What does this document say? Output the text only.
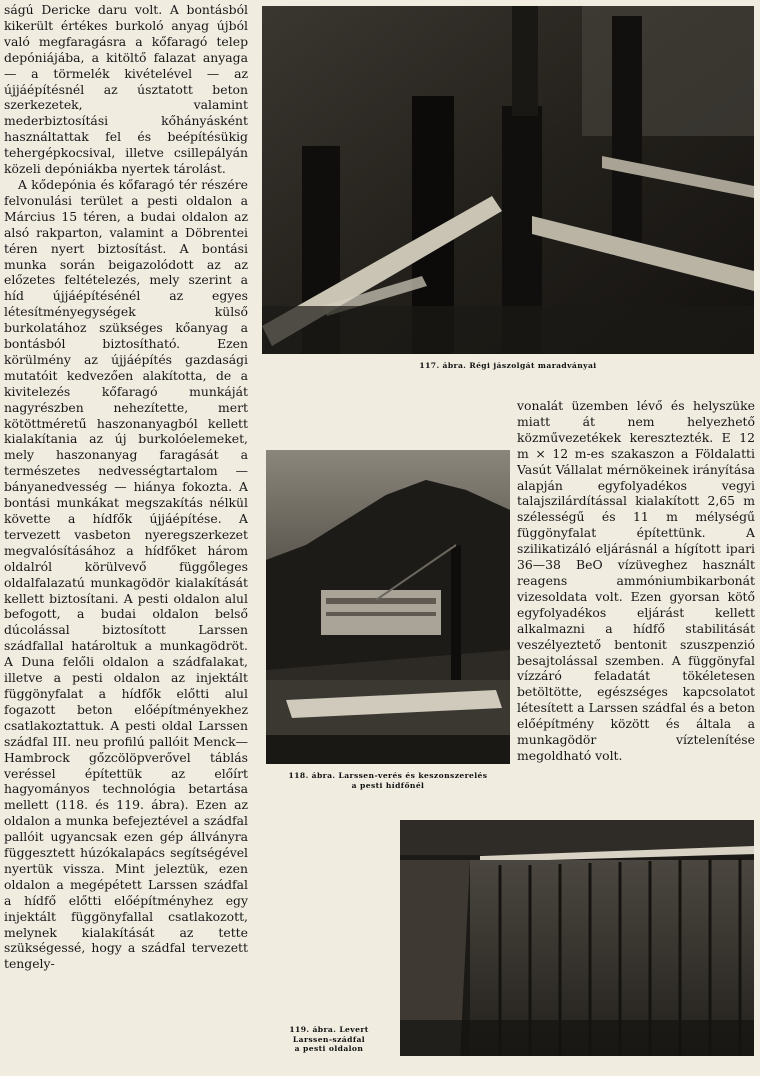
ságú Dericke daru volt. A bontásból kikerült értékes burkoló anyag újból való megfaragásra a kőfaragó telep depóniájába, a kitöltő falazat anyaga — a törmelék kivételével — az újjáépítésnél az úsztatott beton szerkezetek, valamint mederbiztosítási kőhányásként használtattak fel és beépítésükig tehergépkocsival, illetve csillepályán közeli depóniákba nyertek tárolást.

A kődepónia és kőfaragó tér részére felvonulási terület a pesti oldalon a Március 15 téren, a budai oldalon az alsó rakparton, valamint a Döbrentei téren nyert biztosítást. A bontási munka során beigazolódott az az előzetes feltételezés, mely szerint a híd újjáépítésénél az egyes létesítményegységek külső burkolatához szükséges kőanyag a bontásból biztosítható. Ezen körülmény az újjáépítés gazdasági mutatóit kedvezően alakította, de a kivitelezés kőfaragó munkáját nagyrészben nehezítette, mert kötöttméretű haszonanyagból kellett kialakítania az új burkolóelemeket, mely haszonanyag faragását a természetes nedvességtartalom — bányanedvesség — hiánya fokozta. A bontási munkákat megszakítás nélkül követte a hídfők újjáépítése. A tervezett vasbeton nyeregszerkezet megvalósításához a hídfőket három oldalról körülvevő függőleges oldalfalazatú munkagödör kialakítását kellett biztosítani. A pesti oldalon alul befogott, a budai oldalon belső dúcolással biztosított Larssen szádfallal határoltuk a munkagödröt. A Duna felőli oldalon a szádfalakat, illetve a pesti oldalon az injektált függönyfalat a hídfők előtti alul fogazott beton előépítményekhez csatlakoztattuk. A pesti oldal Larssen szádfal III. neu profilú pallóit Menck—Hambrock gőzcölöpverővel táblás veréssel építettük az előírt hagyományos technológia betartása mellett (118. és 119. ábra). Ezen az oldalon a munka befejeztével a szádfal pallóit ugyancsak ezen gép állványra függesztett húzókalapács segítségével nyertük vissza. Mint jeleztük, ezen oldalon a megépétett Larssen szádfal a hídfő előtti előépítményhez egy injektált függönyfallal csatlakozott, melynek kialakítását az tette szükségessé, hogy a szádfal tervezett tengely-

117. ábra. Régi jászolgát maradványai
118. ábra. Larssen-verés és keszonszerelés
a pesti hídfőnél

vonalát üzemben lévő és helyszüke miatt át nem helyezhető közművezetékek keresztezték. E 12 m × 12 m-es szakaszon a Földalatti Vasút Vállalat mérnökeinek irányítása alapján egyfolyadékos vegyi talajszilárdítással kialakított 2,65 m szélességű és 11 m mélységű függönyfalat építettünk. A szilikatizáló eljárásnál a hígított ipari 36—38 BeO vízüveghez használt reagens ammóniumbikarbonát vizesoldata volt. Ezen gyorsan kötő egyfolyadékos eljárást kellett alkalmazni a hídfő stabilitását veszélyeztető bentonit szuszpenzió besajtolással szemben. A függönyfal vízzáró feladatát tökéletesen betöltötte, egészséges kapcsolatot létesített a Larssen szádfal és a beton előépítmény között és általa a munkagödör víztelenítése megoldható volt.

119. ábra. Levert
Larssen-szádfal
a pesti oldalon
